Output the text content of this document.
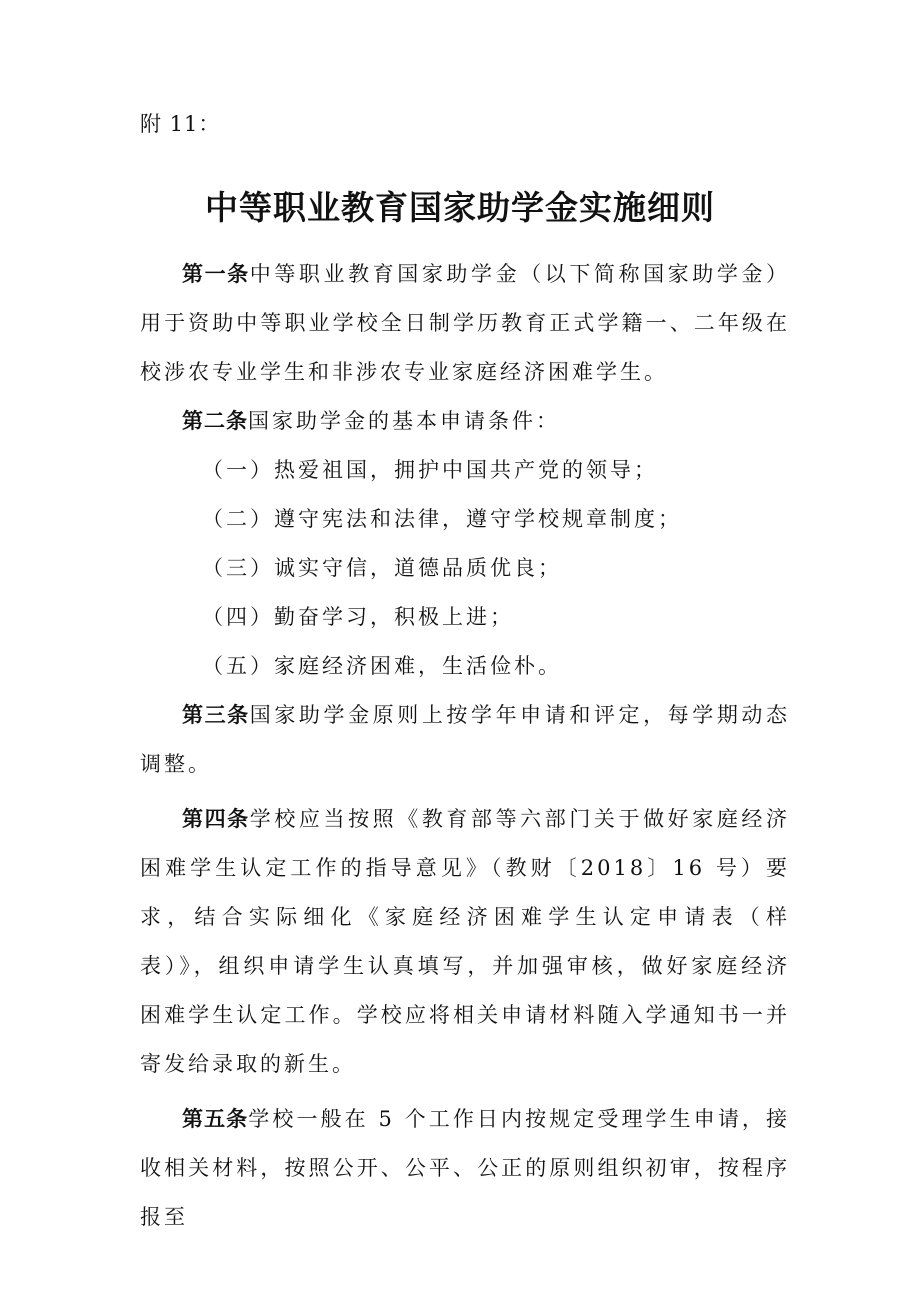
附 11：
中等职业教育国家助学金实施细则

第一条中等职业教育国家助学金（以下简称国家助学金）用于资助中等职业学校全日制学历教育正式学籍一、二年级在校涉农专业学生和非涉农专业家庭经济困难学生。

第二条国家助学金的基本申请条件：

（一）热爱祖国，拥护中国共产党的领导；

（二）遵守宪法和法律，遵守学校规章制度；

（三）诚实守信，道德品质优良；

（四）勤奋学习，积极上进；

（五）家庭经济困难，生活俭朴。

第三条国家助学金原则上按学年申请和评定，每学期动态调整。

第四条学校应当按照《教育部等六部门关于做好家庭经济困难学生认定工作的指导意见》（教财〔2018〕16 号）要求，结合实际细化《家庭经济困难学生认定申请表（样表）》，组织申请学生认真填写，并加强审核，做好家庭经济困难学生认定工作。学校应将相关申请材料随入学通知书一并寄发给录取的新生。

第五条学校一般在 5 个工作日内按规定受理学生申请，接收相关材料，按照公开、公平、公正的原则组织初审，按程序报至
